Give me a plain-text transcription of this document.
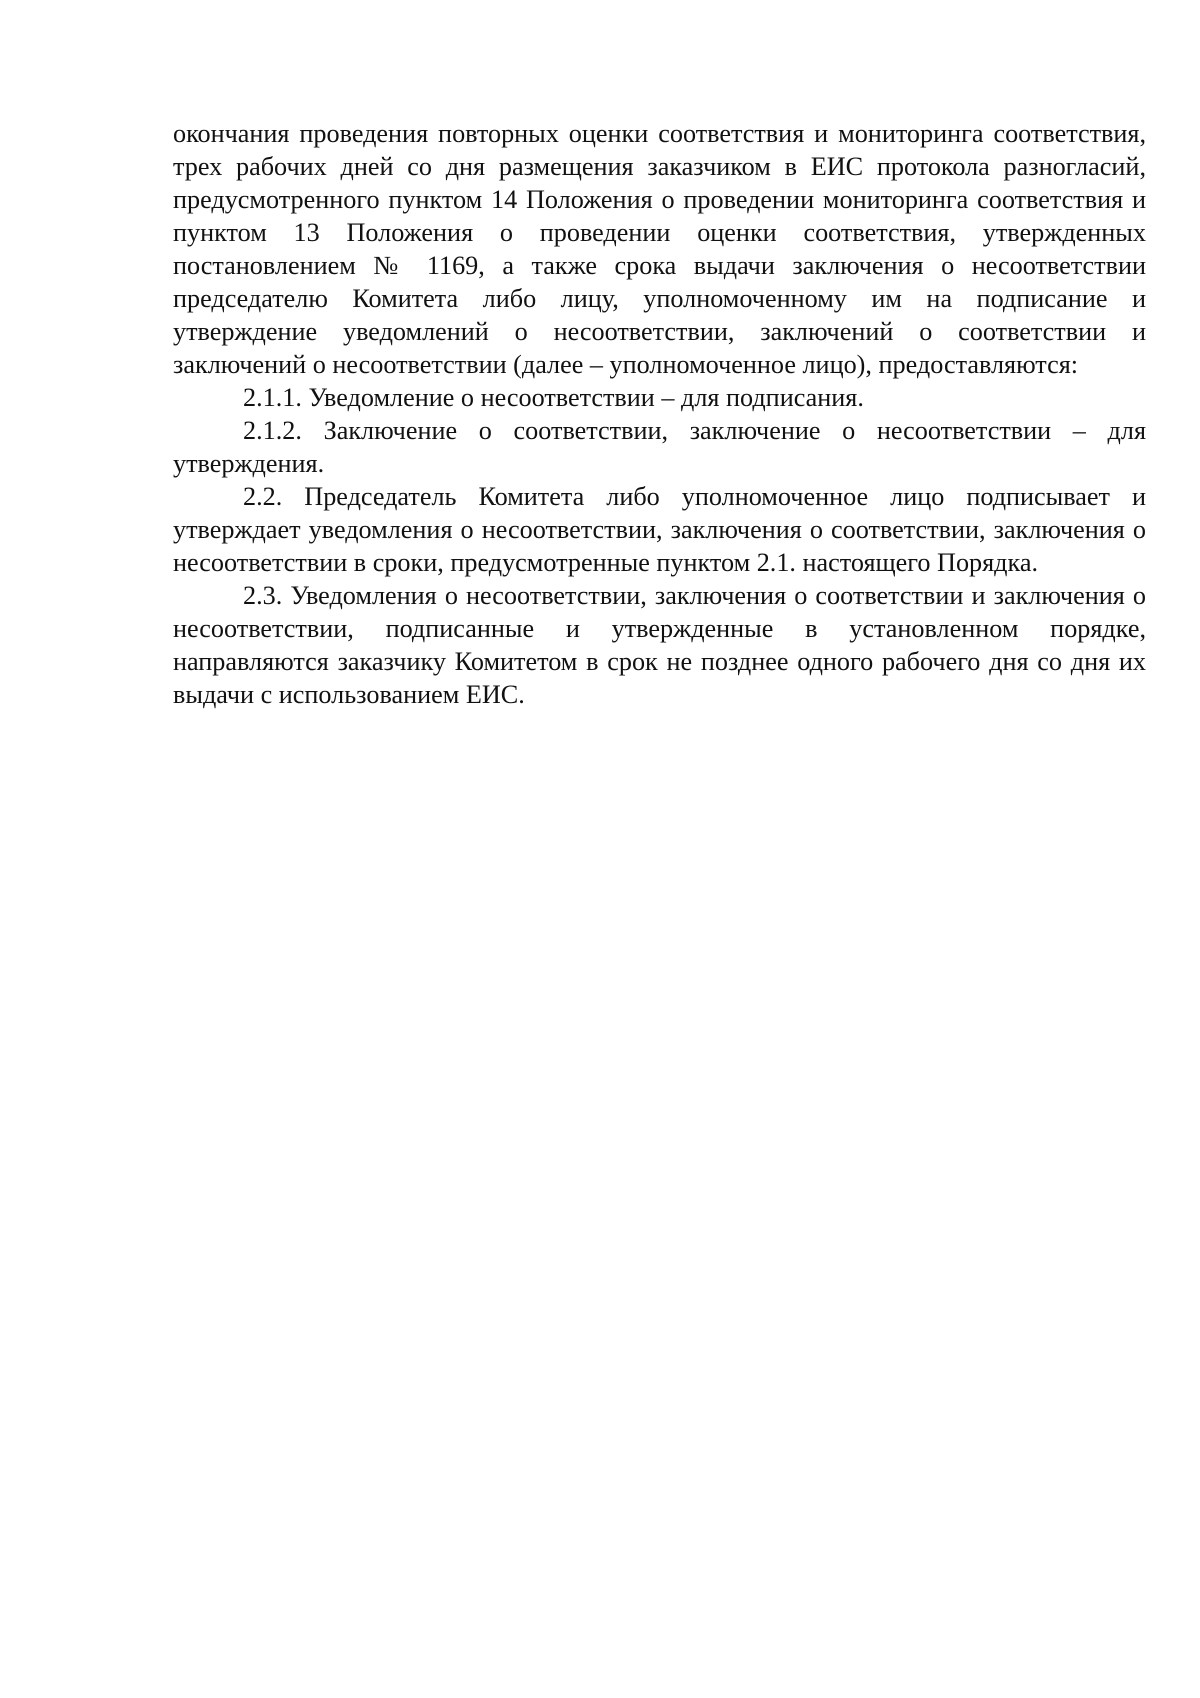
окончания проведения повторных оценки соответствия и мониторинга соответствия, трех рабочих дней со дня размещения заказчиком в ЕИС протокола разногласий, предусмотренного пунктом 14 Положения о проведении мониторинга соответствия и пунктом 13 Положения о проведении оценки соответствия, утвержденных постановлением № 1169, а также срока выдачи заключения о несоответствии председателю Комитета либо лицу, уполномоченному им на подписание и утверждение уведомлений о несоответствии, заключений о соответствии и заключений о несоответствии (далее – уполномоченное лицо), предоставляются:

2.1.1. Уведомление о несоответствии – для подписания.

2.1.2. Заключение о соответствии, заключение о несоответствии – для утверждения.

2.2. Председатель Комитета либо уполномоченное лицо подписывает и утверждает уведомления о несоответствии, заключения о соответствии, заключения о несоответствии в сроки, предусмотренные пунктом 2.1. настоящего Порядка.

2.3. Уведомления о несоответствии, заключения о соответствии и заключения о несоответствии, подписанные и утвержденные в установленном порядке, направляются заказчику Комитетом в срок не позднее одного рабочего дня со дня их выдачи с использованием ЕИС.
